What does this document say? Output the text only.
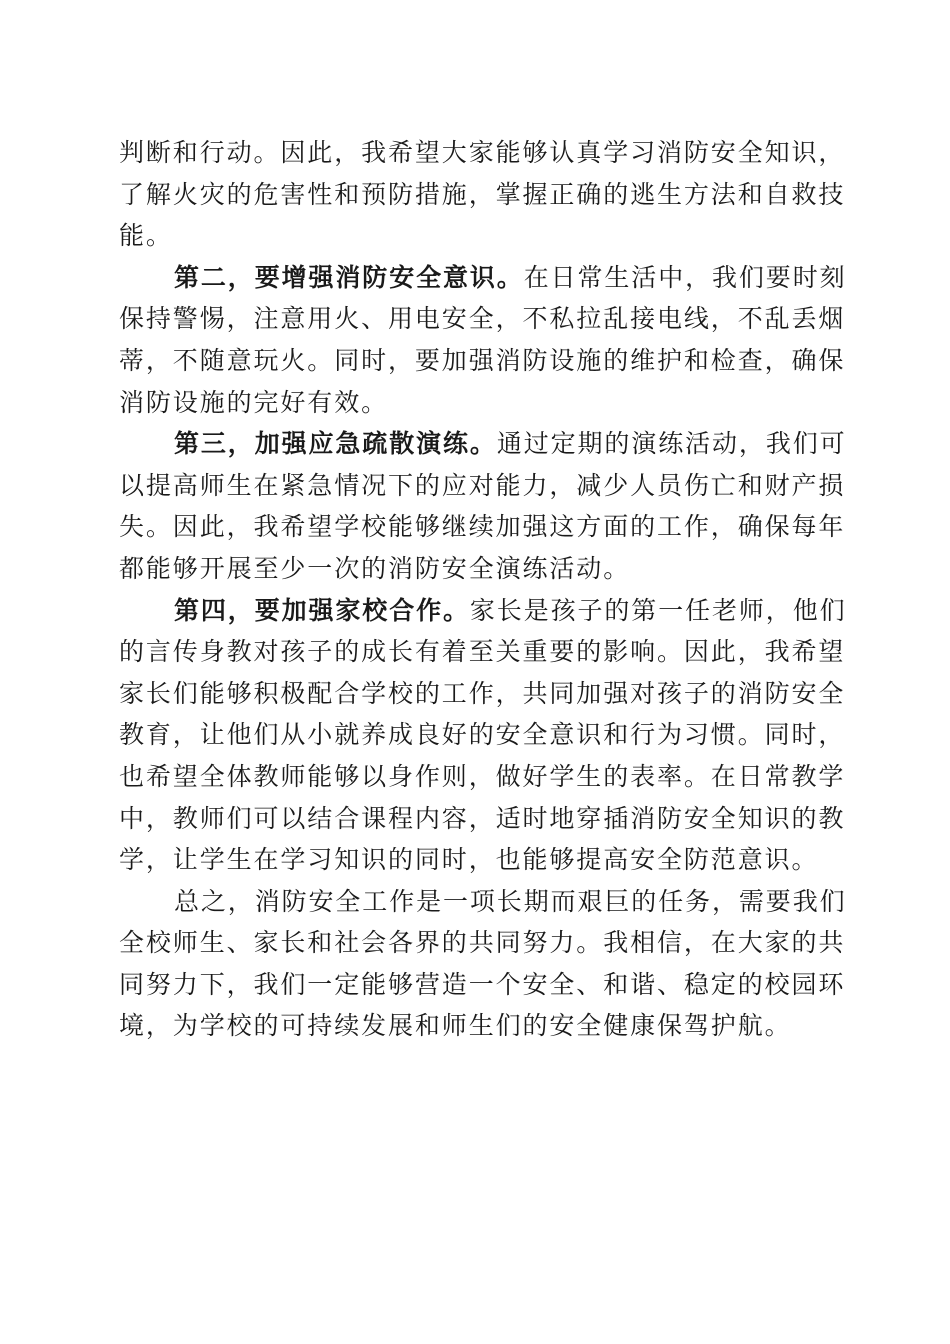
判断和行动。因此，我希望大家能够认真学习消防安全知识，
了解火灾的危害性和预防措施，掌握正确的逃生方法和自救技
能。
第二，要增强消防安全意识。在日常生活中，我们要时刻
保持警惕，注意用火、用电安全，不私拉乱接电线，不乱丢烟
蒂，不随意玩火。同时，要加强消防设施的维护和检查，确保
消防设施的完好有效。
第三，加强应急疏散演练。通过定期的演练活动，我们可
以提高师生在紧急情况下的应对能力，减少人员伤亡和财产损
失。因此，我希望学校能够继续加强这方面的工作，确保每年
都能够开展至少一次的消防安全演练活动。
第四，要加强家校合作。家长是孩子的第一任老师，他们
的言传身教对孩子的成长有着至关重要的影响。因此，我希望
家长们能够积极配合学校的工作，共同加强对孩子的消防安全
教育，让他们从小就养成良好的安全意识和行为习惯。同时，
也希望全体教师能够以身作则，做好学生的表率。在日常教学
中，教师们可以结合课程内容，适时地穿插消防安全知识的教
学，让学生在学习知识的同时，也能够提高安全防范意识。
总之，消防安全工作是一项长期而艰巨的任务，需要我们
全校师生、家长和社会各界的共同努力。我相信，在大家的共
同努力下，我们一定能够营造一个安全、和谐、稳定的校园环
境，为学校的可持续发展和师生们的安全健康保驾护航。
